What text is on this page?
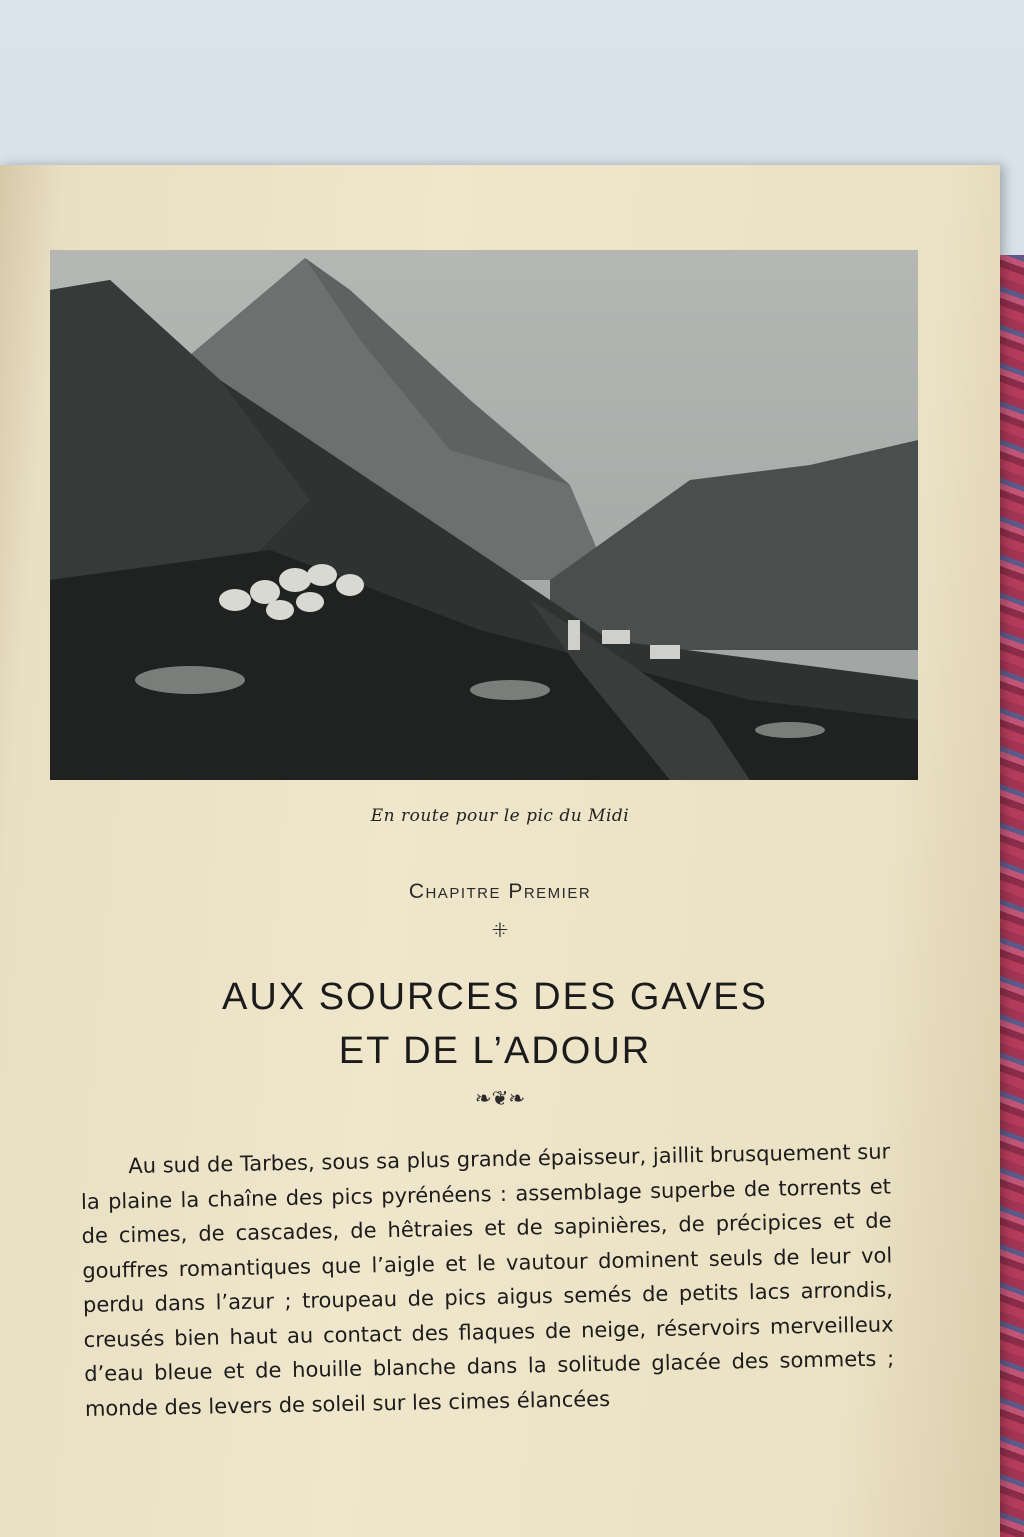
En route pour le pic du Midi
Chapitre Premier
ꔰ
AUX SOURCES DES GAVES
ET DE L’ADOUR
❧❦❧

Au sud de Tarbes, sous sa plus grande épaisseur, jaillit brusquement sur la plaine la chaîne des pics pyrénéens : assemblage superbe de torrents et de cimes, de cascades, de hêtraies et de sapinières, de précipices et de gouffres romantiques que l’aigle et le vautour dominent seuls de leur vol perdu dans l’azur ; troupeau de pics aigus semés de petits lacs arrondis, creusés bien haut au contact des flaques de neige, réservoirs merveilleux d’eau bleue et de houille blanche dans la solitude glacée des sommets ; monde des levers de soleil sur les cimes élancées
